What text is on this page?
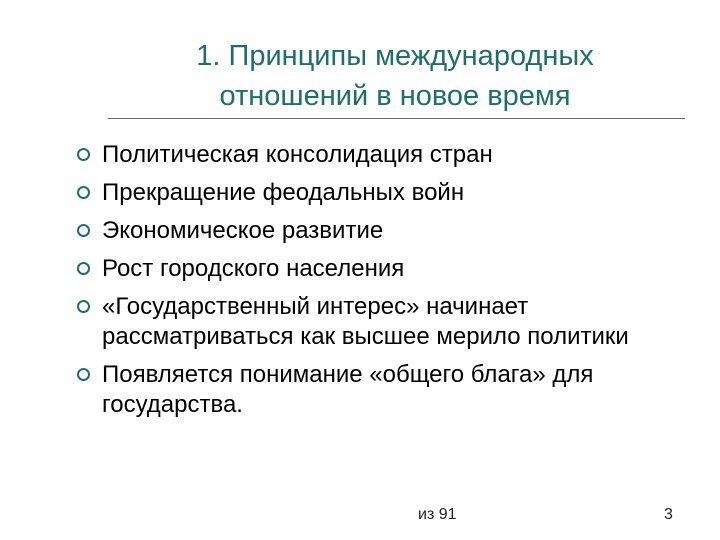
1. Принципы международных
отношений в новое время
Политическая консолидация стран
Прекращение феодальных войн
Экономическое развитие
Рост городского населения
«Государственный интерес» начинает рассматриваться как высшее мерило политики
Появляется понимание «общего блага» для государства.
из 91	3
